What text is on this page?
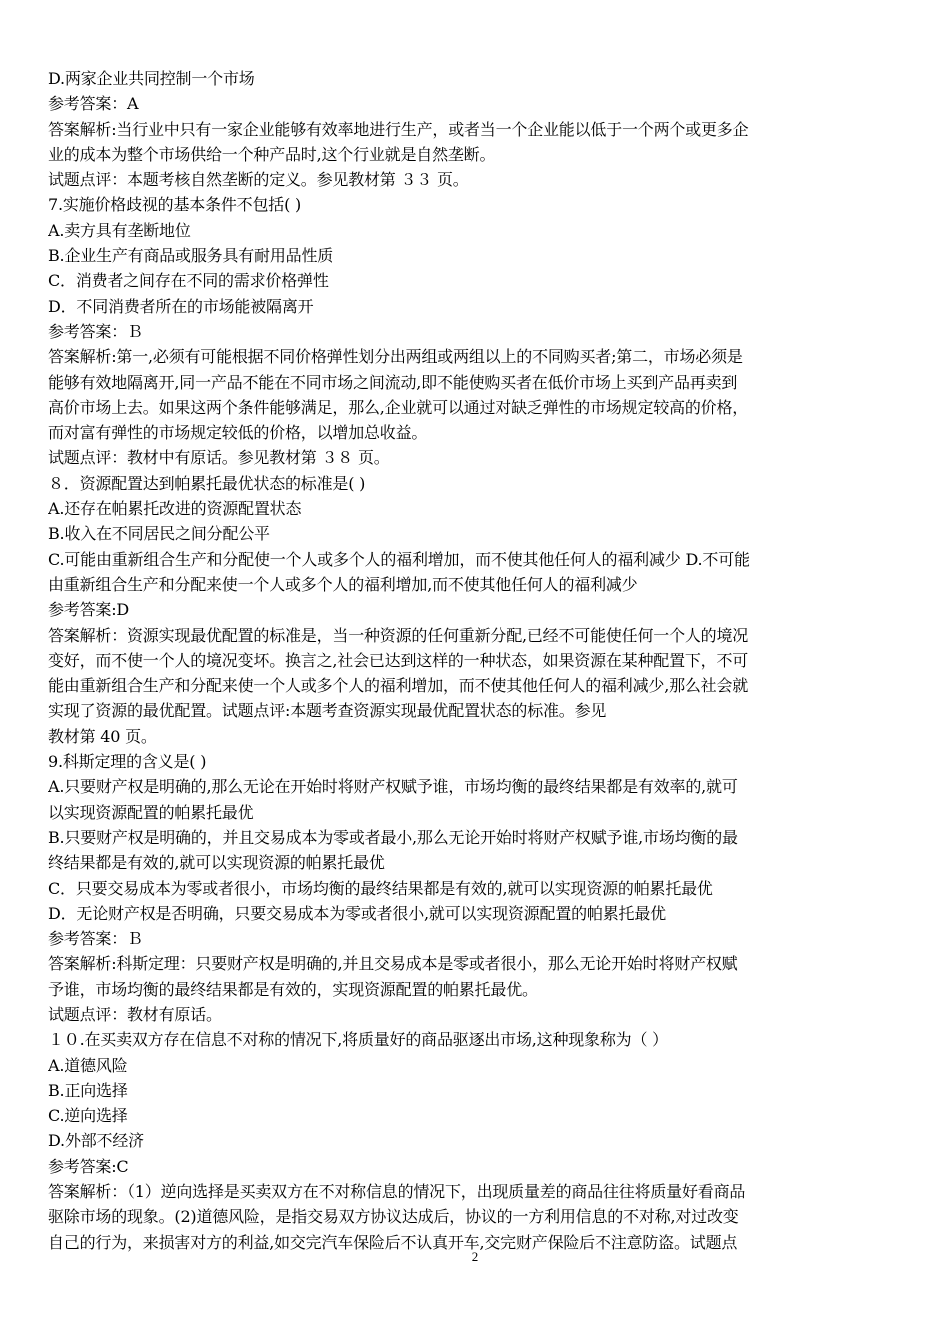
D.两家企业共同控制一个市场
参考答案：A
答案解析:当行业中只有一家企业能够有效率地进行生产，或者当一个企业能以低于一个两个或更多企
业的成本为整个市场供给一个种产品时,这个行业就是自然垄断。
试题点评：本题考核自然垄断的定义。参见教材第 ３３ 页。
7.实施价格歧视的基本条件不包括( )
A.卖方具有垄断地位
B.企业生产有商品或服务具有耐用品性质
C．消费者之间存在不同的需求价格弹性
D．不同消费者所在的市场能被隔离开
参考答案：Ｂ
答案解析:第一,必须有可能根据不同价格弹性划分出两组或两组以上的不同购买者;第二，市场必须是
能够有效地隔离开,同一产品不能在不同市场之间流动,即不能使购买者在低价市场上买到产品再卖到
高价市场上去。如果这两个条件能够满足，那么,企业就可以通过对缺乏弹性的市场规定较高的价格，
而对富有弹性的市场规定较低的价格，以增加总收益。
试题点评：教材中有原话。参见教材第 ３８ 页。
８．资源配置达到帕累托最优状态的标准是( )
A.还存在帕累托改进的资源配置状态
B.收入在不同居民之间分配公平
C.可能由重新组合生产和分配使一个人或多个人的福利增加，而不使其他任何人的福利减少 D.不可能
由重新组合生产和分配来使一个人或多个人的福利增加,而不使其他任何人的福利减少
参考答案:D
答案解析：资源实现最优配置的标准是，当一种资源的任何重新分配,已经不可能使任何一个人的境况
变好，而不使一个人的境况变坏。换言之,社会已达到这样的一种状态，如果资源在某种配置下，不可
能由重新组合生产和分配来使一个人或多个人的福利增加，而不使其他任何人的福利减少,那么社会就
实现了资源的最优配置。试题点评:本题考查资源实现最优配置状态的标准。参见
教材第 40 页。
9.科斯定理的含义是( )
A.只要财产权是明确的,那么无论在开始时将财产权赋予谁，市场均衡的最终结果都是有效率的,就可
以实现资源配置的帕累托最优
B.只要财产权是明确的，并且交易成本为零或者最小,那么无论开始时将财产权赋予谁,市场均衡的最
终结果都是有效的,就可以实现资源的帕累托最优
C．只要交易成本为零或者很小，市场均衡的最终结果都是有效的,就可以实现资源的帕累托最优
D．无论财产权是否明确，只要交易成本为零或者很小,就可以实现资源配置的帕累托最优
参考答案：Ｂ
答案解析:科斯定理：只要财产权是明确的,并且交易成本是零或者很小，那么无论开始时将财产权赋
予谁，市场均衡的最终结果都是有效的，实现资源配置的帕累托最优。
试题点评：教材有原话。
１０.在买卖双方存在信息不对称的情况下,将质量好的商品驱逐出市场,这种现象称为（ ）
A.道德风险
B.正向选择
C.逆向选择
D.外部不经济
参考答案:C
答案解析：（1）逆向选择是买卖双方在不对称信息的情况下，出现质量差的商品往往将质量好看商品
驱除市场的现象。(2)道德风险，是指交易双方协议达成后，协议的一方利用信息的不对称,对过改变
自己的行为，来损害对方的利益,如交完汽车保险后不认真开车,交完财产保险后不注意防盗。试题点
2
